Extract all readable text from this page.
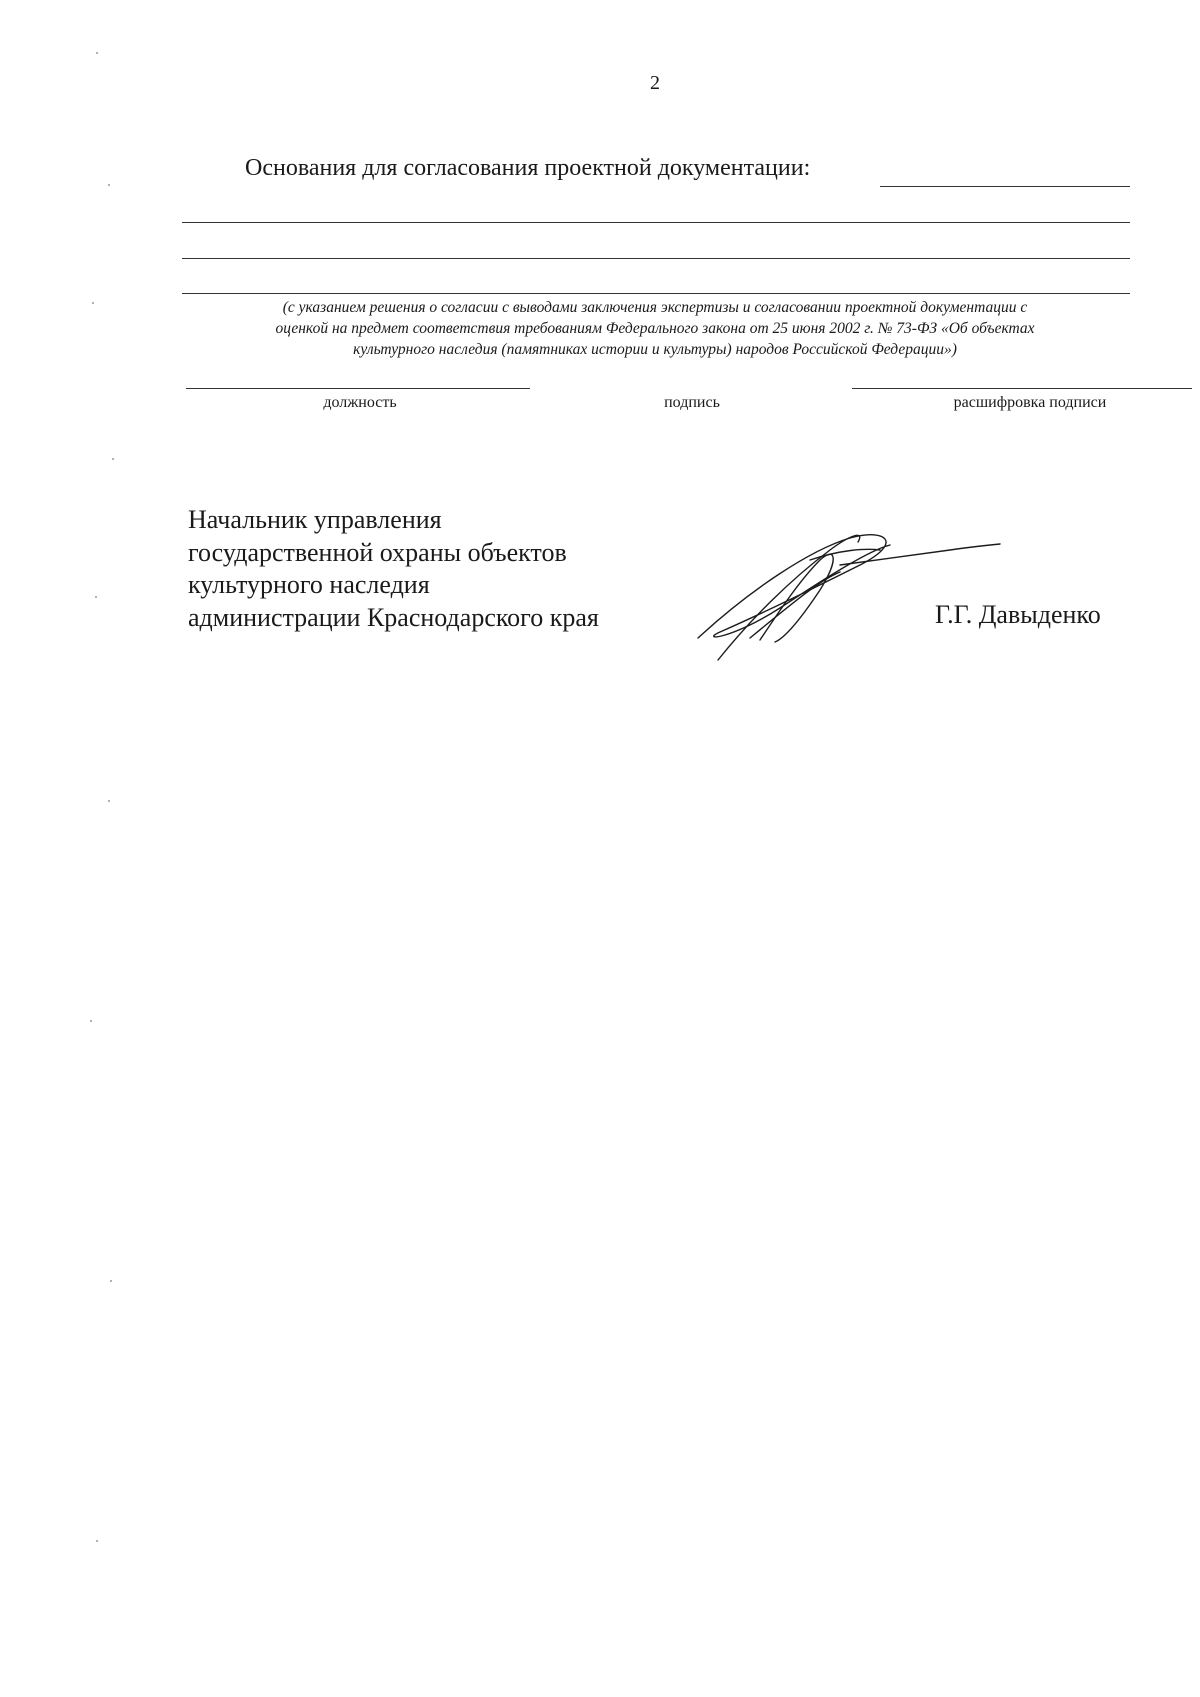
2
Основания для согласования проектной документации:
(с указанием решения о согласии с выводами заключения экспертизы и согласовании проектной документации с
оценкой на предмет соответствия требованиям Федерального закона от 25 июня 2002 г. № 73-ФЗ «Об объектах
культурного наследия (памятниках истории и культуры) народов Российской Федерации»)
должность	подпись	расшифровка подписи
Начальник управления
государственной охраны объектов
культурного наследия
администрации Краснодарского края	Г.Г. Давыденко
